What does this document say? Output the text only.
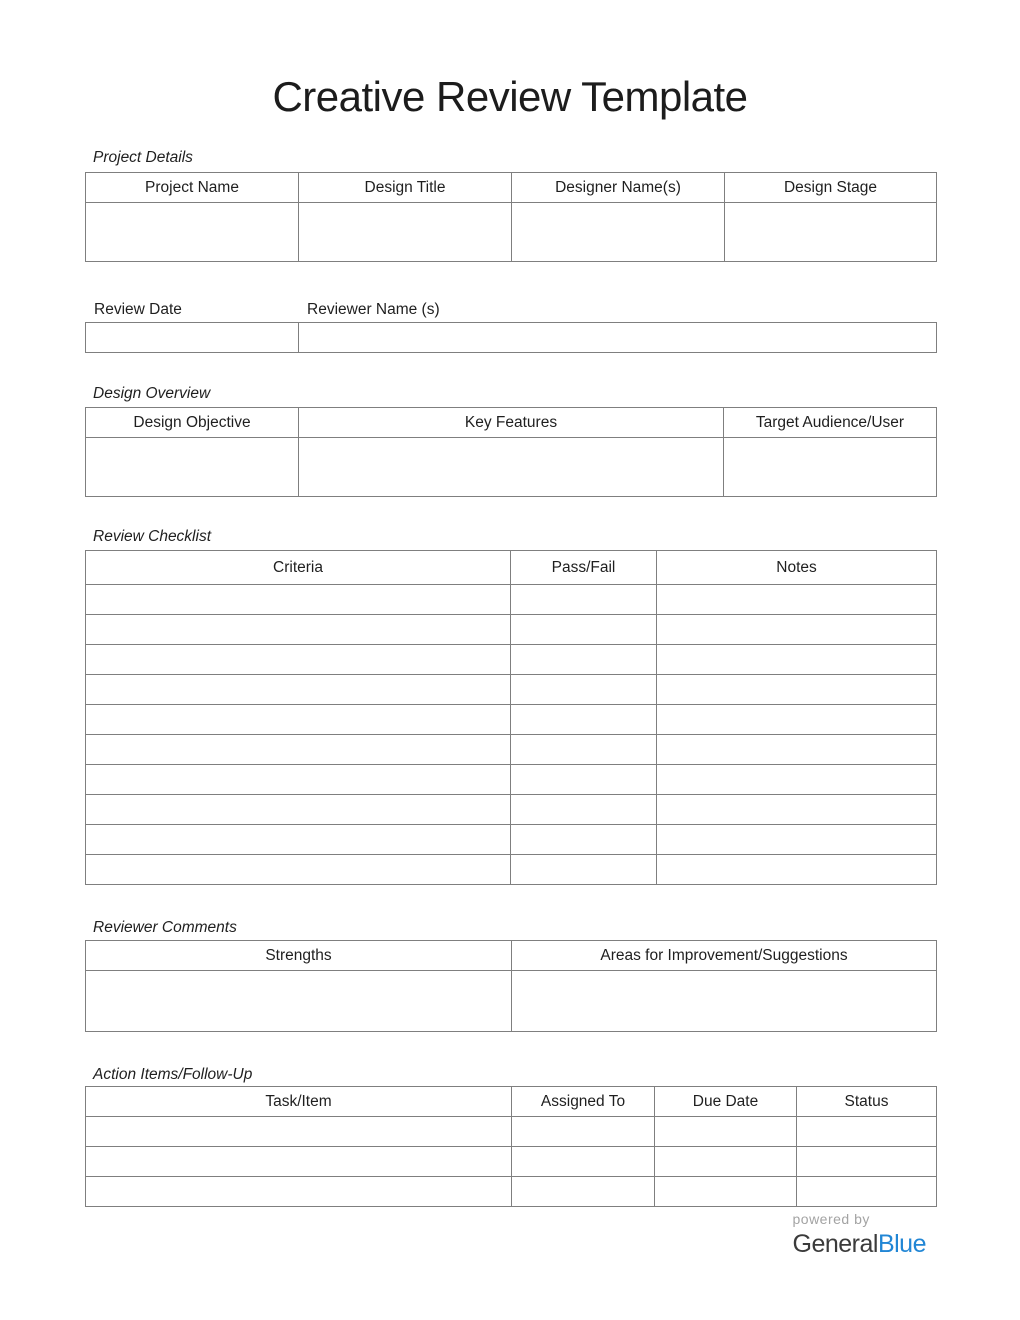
Creative Review Template
Project Details
Project Name	Design Title	Designer Name(s)	Design Stage

Review Date	Reviewer Name (s)

Design Overview
Design Objective	Key Features	Target Audience/User

Review Checklist
Criteria	Pass/Fail	Notes

Reviewer Comments
Strengths	Areas for Improvement/Suggestions

Action Items/Follow-Up
Task/Item	Assigned To	Due Date	Status

powered by
GeneralBlue
